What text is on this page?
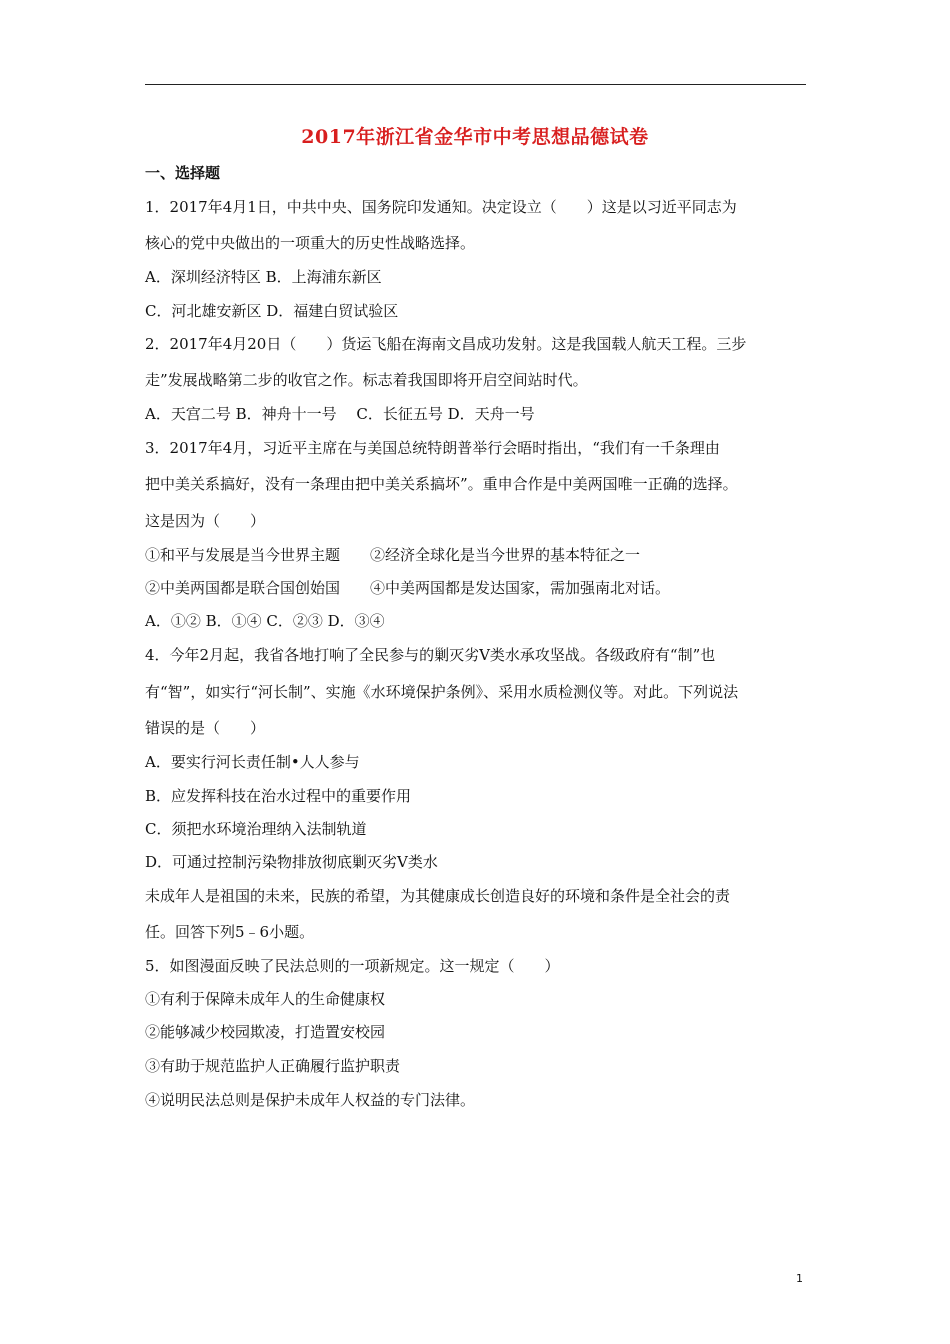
2017年浙江省金华市中考思想品德试卷
一、选择题
1．2017年4月1日，中共中央、国务院印发通知。决定设立（　　）这是以习近平同志为
核心的党中央做出的一项重大的历史性战略选择。
A．深圳经济特区 B．上海浦东新区
C．河北雄安新区 D．福建白贸试验区
2．2017年4月20日（　　）货运飞船在海南文昌成功发射。这是我国载人航天工程。三步
走”发展战略第二步的收官之作。标志着我国即将开启空间站时代。
A．天宫二号 B．神舟十一号　 C．长征五号 D．天舟一号
3．2017年4月，习近平主席在与美国总统特朗普举行会晤时指出，“我们有一千条理由
把中美关系搞好，没有一条理由把中美关系搞坏”。重申合作是中美两国唯一正确的选择。
这是因为（　　）
①和平与发展是当今世界主题　　②经济全球化是当今世界的基本特征之一
②中美两国都是联合国创始国　　④中美两国都是发达国家，需加强南北对话。
A．①② B．①④ C．②③ D．③④
4．今年2月起，我省各地打响了全民参与的剿灭劣Ⅴ类水承攻坚战。各级政府有“制”也
有“智”，如实行“河长制”、实施《水环境保护条例》、采用水质检测仪等。对此。下列说法
错误的是（　　）
A．要实行河长责任制•人人参与
B．应发挥科技在治水过程中的重要作用
C．须把水环境治理纳入法制轨道
D．可通过控制污染物排放彻底剿灭劣Ⅴ类水
未成年人是祖国的未来，民族的希望，为其健康成长创造良好的环境和条件是全社会的责
任。回答下列5﹣6小题。
5．如图漫面反映了民法总则的一项新规定。这一规定（　　）
①有利于保障未成年人的生命健康权
②能够减少校园欺凌，打造置安校园
③有助于规范监护人正确履行监护职责
④说明民法总则是保护未成年人权益的专门法律。
1
